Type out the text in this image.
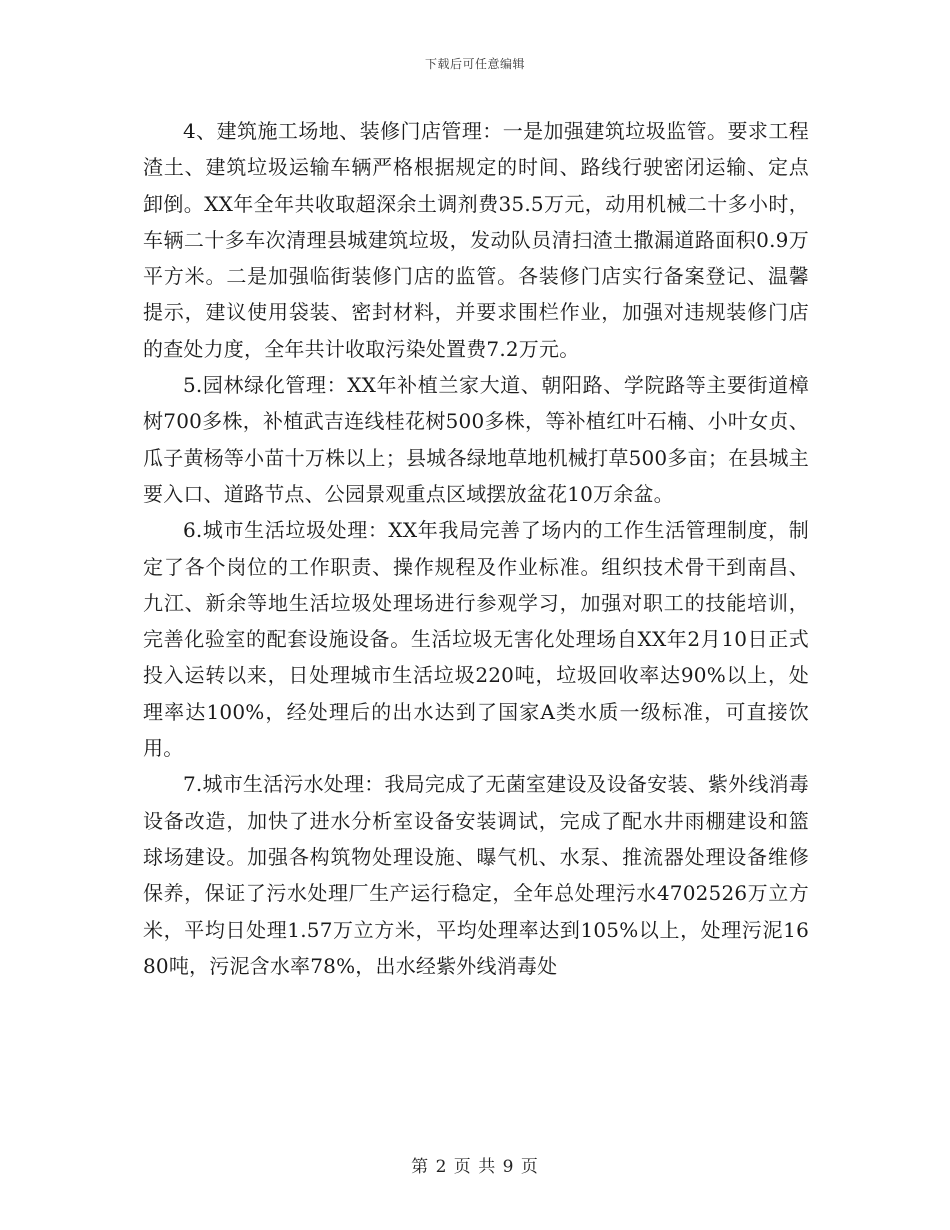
下载后可任意编辑

4、建筑施工场地、装修门店管理：一是加强建筑垃圾监管。要求工程渣土、建筑垃圾运输车辆严格根据规定的时间、路线行驶密闭运输、定点卸倒。XX年全年共收取超深余土调剂费35.5万元，动用机械二十多小时，车辆二十多车次清理县城建筑垃圾，发动队员清扫渣土撒漏道路面积0.9万平方米。二是加强临街装修门店的监管。各装修门店实行备案登记、温馨提示，建议使用袋装、密封材料，并要求围栏作业，加强对违规装修门店的查处力度，全年共计收取污染处置费7.2万元。

5.园林绿化管理：XX年补植兰家大道、朝阳路、学院路等主要街道樟树700多株，补植武吉连线桂花树500多株，等补植红叶石楠、小叶女贞、瓜子黄杨等小苗十万株以上；县城各绿地草地机械打草500多亩；在县城主要入口、道路节点、公园景观重点区域摆放盆花10万余盆。

6.城市生活垃圾处理：XX年我局完善了场内的工作生活管理制度，制定了各个岗位的工作职责、操作规程及作业标准。组织技术骨干到南昌、九江、新余等地生活垃圾处理场进行参观学习，加强对职工的技能培训，完善化验室的配套设施设备。生活垃圾无害化处理场自XX年2月10日正式投入运转以来，日处理城市生活垃圾220吨，垃圾回收率达90%以上，处理率达100%，经处理后的出水达到了国家A类水质一级标准，可直接饮用。

7.城市生活污水处理：我局完成了无菌室建设及设备安装、紫外线消毒设备改造，加快了进水分析室设备安装调试，完成了配水井雨棚建设和篮球场建设。加强各构筑物处理设施、曝气机、水泵、推流器处理设备维修保养，保证了污水处理厂生产运行稳定，全年总处理污水4702526万立方米，平均日处理1.57万立方米，平均处理率达到105%以上，处理污泥1680吨，污泥含水率78%，出水经紫外线消毒处

第 2 页 共 9 页
